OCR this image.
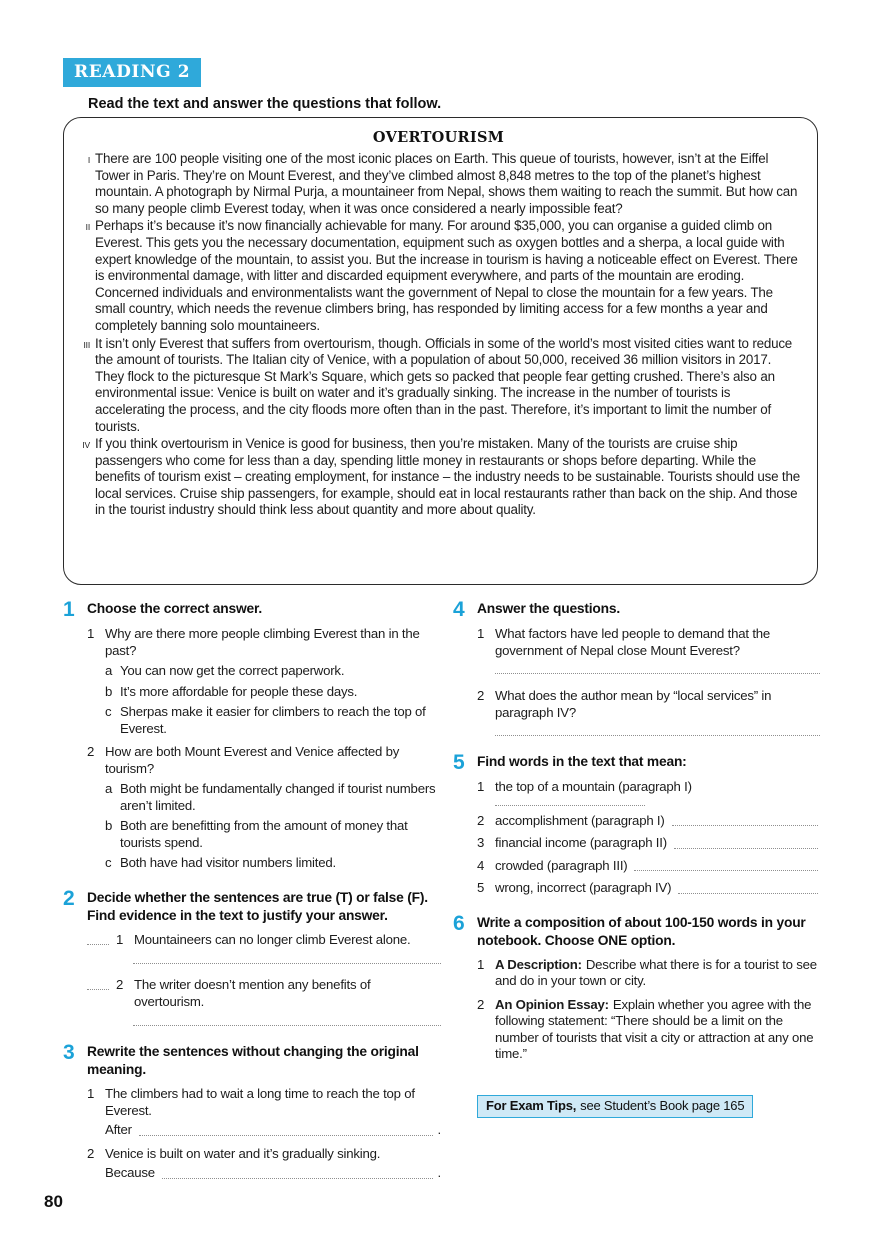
READING 2
Read the text and answer the questions that follow.
OVERTOURISM
I There are 100 people visiting one of the most iconic places on Earth. This queue of tourists, however, isn’t at the Eiffel Tower in Paris. They’re on Mount Everest, and they’ve climbed almost 8,848 metres to the top of the planet’s highest mountain. A photograph by Nirmal Purja, a mountaineer from Nepal, shows them waiting to reach the summit. But how can so many people climb Everest today, when it was once considered a nearly impossible feat?
II Perhaps it’s because it’s now financially achievable for many. For around $35,000, you can organise a guided climb on Everest. This gets you the necessary documentation, equipment such as oxygen bottles and a sherpa, a local guide with expert knowledge of the mountain, to assist you. But the increase in tourism is having a noticeable effect on Everest. There is environmental damage, with litter and discarded equipment everywhere, and parts of the mountain are eroding. Concerned individuals and environmentalists want the government of Nepal to close the mountain for a few years. The small country, which needs the revenue climbers bring, has responded by limiting access for a few months a year and completely banning solo mountaineers.
III It isn’t only Everest that suffers from overtourism, though. Officials in some of the world’s most visited cities want to reduce the amount of tourists. The Italian city of Venice, with a population of about 50,000, received 36 million visitors in 2017. They flock to the picturesque St Mark’s Square, which gets so packed that people fear getting crushed. There’s also an environmental issue: Venice is built on water and it’s gradually sinking. The increase in the number of tourists is accelerating the process, and the city floods more often than in the past. Therefore, it’s important to limit the number of tourists.
IV If you think overtourism in Venice is good for business, then you’re mistaken. Many of the tourists are cruise ship passengers who come for less than a day, spending little money in restaurants or shops before departing. While the benefits of tourism exist – creating employment, for instance – the industry needs to be sustainable. Tourists should use the local services. Cruise ship passengers, for example, should eat in local restaurants rather than back on the ship. And those in the tourist industry should think less about quantity and more about quality.
1 Choose the correct answer.
1 Why are there more people climbing Everest than in the past?
a You can now get the correct paperwork.
b It’s more affordable for people these days.
c Sherpas make it easier for climbers to reach the top of Everest.
2 How are both Mount Everest and Venice affected by tourism?
a Both might be fundamentally changed if tourist numbers aren’t limited.
b Both are benefitting from the amount of money that tourists spend.
c Both have had visitor numbers limited.
2 Decide whether the sentences are true (T) or false (F). Find evidence in the text to justify your answer.
1 Mountaineers can no longer climb Everest alone.
2 The writer doesn’t mention any benefits of overtourism.
3 Rewrite the sentences without changing the original meaning.
1 The climbers had to wait a long time to reach the top of Everest.
After	.
2 Venice is built on water and it’s gradually sinking.
Because	.
4 Answer the questions.
1 What factors have led people to demand that the government of Nepal close Mount Everest?
2 What does the author mean by “local services” in paragraph IV?
5 Find words in the text that mean:
1 the top of a mountain (paragraph I)
2 accomplishment (paragraph I)
3 financial income (paragraph II)
4 crowded (paragraph III)
5 wrong, incorrect (paragraph IV)
6 Write a composition of about 100-150 words in your notebook. Choose ONE option.
1 A Description: Describe what there is for a tourist to see and do in your town or city.
2 An Opinion Essay: Explain whether you agree with the following statement: “There should be a limit on the number of tourists that visit a city or attraction at any one time.”
For Exam Tips, see Student’s Book page 165
80
